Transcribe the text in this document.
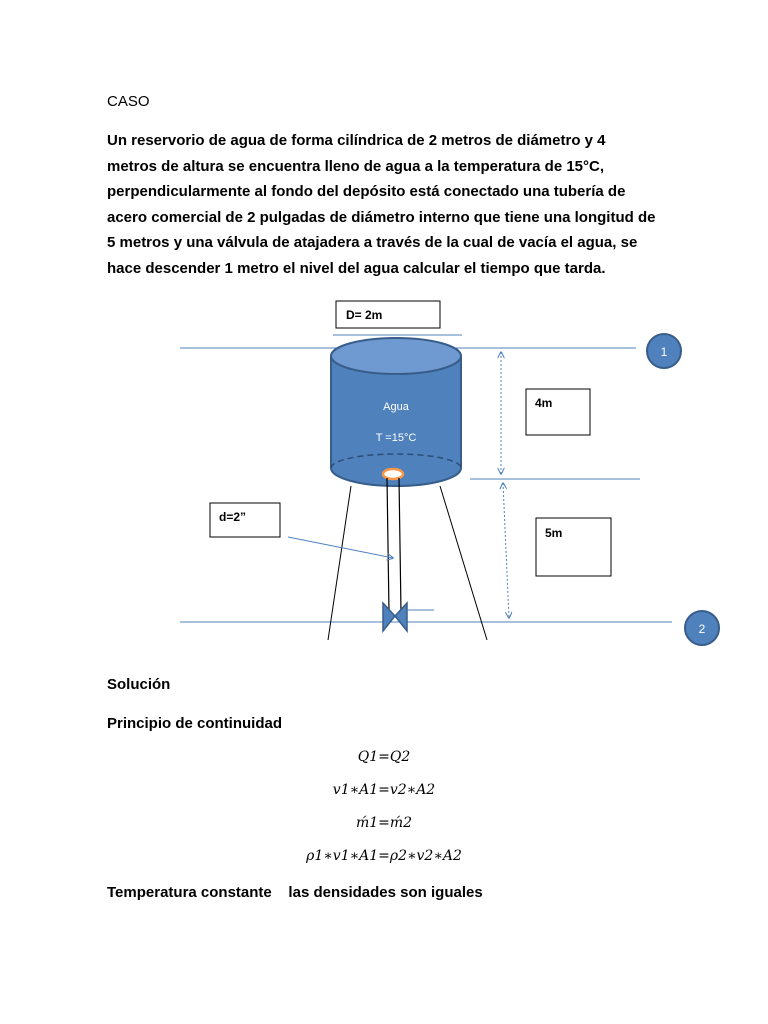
CASO
Un reservorio de agua de forma cilíndrica de 2 metros de diámetro y 4
metros de altura se encuentra lleno de agua a la temperatura de 15°C,
perpendicularmente al fondo del depósito está conectado una tubería de
acero comercial de 2 pulgadas de diámetro interno que tiene una longitud de
5 metros y una válvula de atajadera a través de la cual de vacía el agua, se
hace descender 1 metro el nivel del agua calcular el tiempo que tarda.
D= 2m
Agua
T =15°C
d=2”
4m
5m
1
2
Solución
Principio de continuidad
Q1=Q2
v1∗A1=v2∗A2
ḿ1=ḿ2
ρ1∗v1∗A1=ρ2∗v2∗A2
Temperatura constante    las densidades son iguales
